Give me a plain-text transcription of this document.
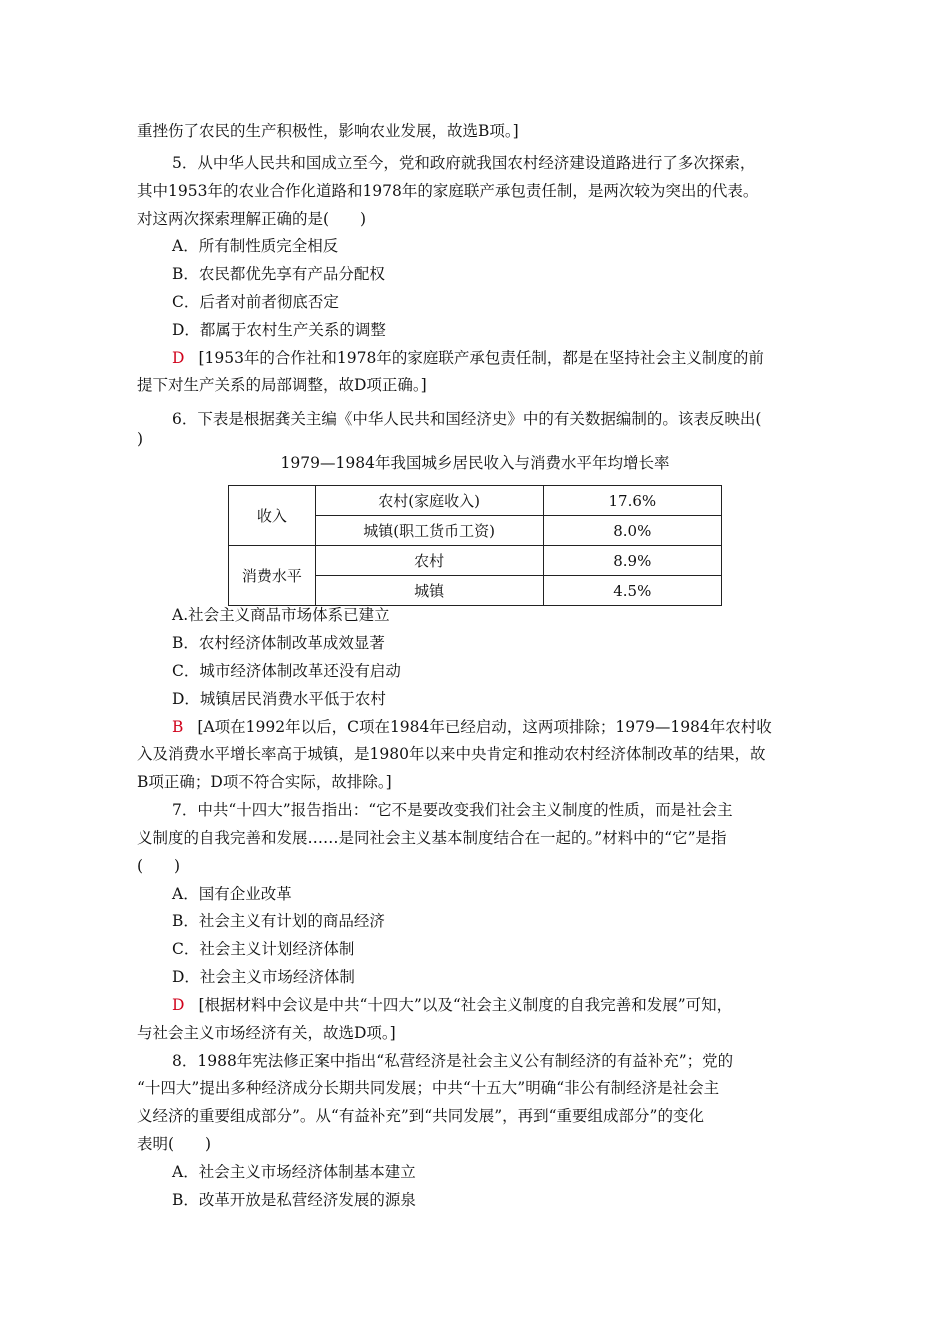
重挫伤了农民的生产积极性，影响农业发展，故选B项。]
5．从中华人民共和国成立至今，党和政府就我国农村经济建设道路进行了多次探索，
其中1953年的农业合作化道路和1978年的家庭联产承包责任制，是两次较为突出的代表。
对这两次探索理解正确的是(　　)
A．所有制性质完全相反
B．农民都优先享有产品分配权
C．后者对前者彻底否定
D．都属于农村生产关系的调整
D [1953年的合作社和1978年的家庭联产承包责任制，都是在坚持社会主义制度的前
提下对生产关系的局部调整，故D项正确。]
6．下表是根据龚关主编《中华人民共和国经济史》中的有关数据编制的。该表反映出(
)
1979—1984年我国城乡居民收入与消费水平年均增长率
收入	农村(家庭收入)	17.6%
	城镇(职工货币工资)	8.0%
消费水平	农村	8.9%
	城镇	4.5%
A.社会主义商品市场体系已建立
B．农村经济体制改革成效显著
C．城市经济体制改革还没有启动
D．城镇居民消费水平低于农村
B [A项在1992年以后，C项在1984年已经启动，这两项排除；1979—1984年农村收
入及消费水平增长率高于城镇，是1980年以来中央肯定和推动农村经济体制改革的结果，故
B项正确；D项不符合实际，故排除。]
7．中共“十四大”报告指出：“它不是要改变我们社会主义制度的性质，而是社会主
义制度的自我完善和发展……是同社会主义基本制度结合在一起的。”材料中的“它”是指
(　　)
A．国有企业改革
B．社会主义有计划的商品经济
C．社会主义计划经济体制
D．社会主义市场经济体制
D [根据材料中会议是中共“十四大”以及“社会主义制度的自我完善和发展”可知，
与社会主义市场经济有关，故选D项。]
8．1988年宪法修正案中指出“私营经济是社会主义公有制经济的有益补充”；党的
“十四大”提出多种经济成分长期共同发展；中共“十五大”明确“非公有制经济是社会主
义经济的重要组成部分”。从“有益补充”到“共同发展”，再到“重要组成部分”的变化
表明(　　)
A．社会主义市场经济体制基本建立
B．改革开放是私营经济发展的源泉
